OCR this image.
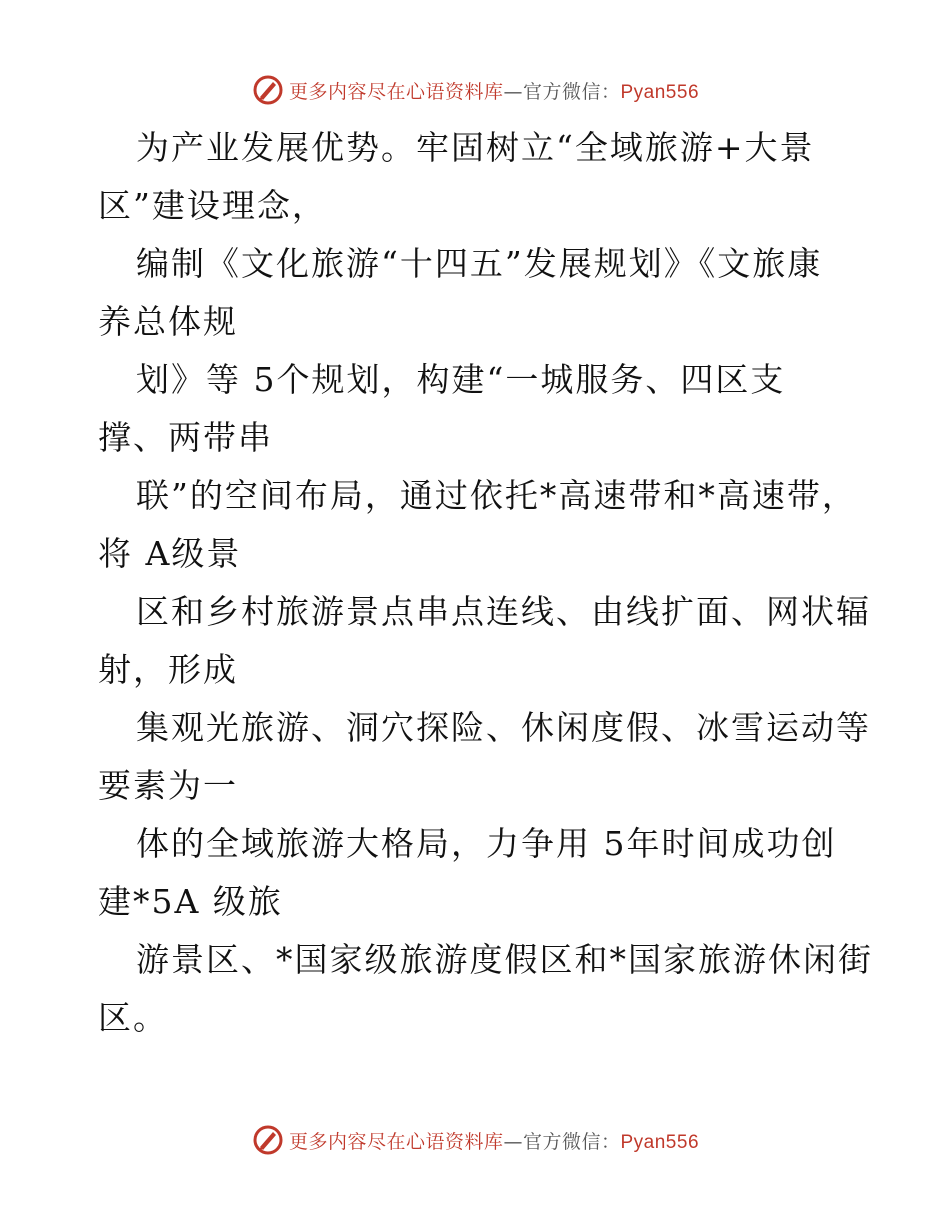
更多内容尽在心语资料库—官方微信：Pyan556
为产业发展优势。牢固树立“全域旅游+大景
区”建设理念，
编制《文化旅游“十四五”发展规划》《文旅康
养总体规
划》等 5个规划，构建“一城服务、四区支
撑、两带串
联”的空间布局，通过依托*高速带和*高速带，
将 A级景
区和乡村旅游景点串点连线、由线扩面、网状辐
射，形成
集观光旅游、洞穴探险、休闲度假、冰雪运动等
要素为一
体的全域旅游大格局，力争用 5年时间成功创
建*5A 级旅
游景区、*国家级旅游度假区和*国家旅游休闲街
区。
更多内容尽在心语资料库—官方微信：Pyan556
